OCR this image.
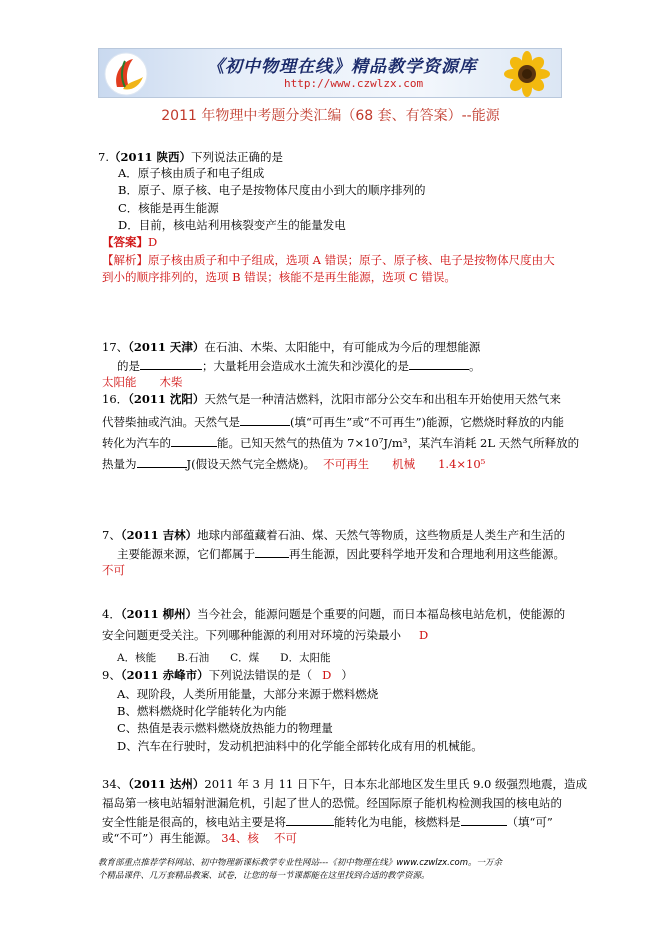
《初中物理在线》精品教学资源库
http://www.czwlzx.com
2011 年物理中考题分类汇编（68 套、有答案）--能源
7.（2011 陕西）下列说法正确的是
A．原子核由质子和电子组成
B．原子、原子核、电子是按物体尺度由小到大的顺序排列的
C．核能是再生能源
D．目前，核电站利用核裂变产生的能量发电
【答案】D
【解析】原子核由质子和中子组成，选项 A 错误；原子、原子核、电子是按物体尺度由大
到小的顺序排列的，选项 B 错误；核能不是再生能源，选项 C 错误。
17、（2011 天津）在石油、木柴、太阳能中，有可能成为今后的理想能源
的是	；大量耗用会造成水土流失和沙漠化的是	。
太阳能　　木柴
16．（2011 沈阳）天然气是一种清洁燃料，沈阳市部分公交车和出租车开始使用天然气来
代替柴抽或汽油。天然气是	(填“可再生”或“不可再生”)能源，它燃烧时释放的内能
转化为汽车的	能。已知天然气的热值为 7×10⁷J/m³，某汽车消耗 2L 天然气所释放的
热量为	J(假设天然气完全燃烧)。 不可再生　　机械　　1.4×10⁵
7、（2011 吉林）地球内部蕴藏着石油、煤、天然气等物质，这些物质是人类生产和生活的
主要能源来源，它们都属于	再生能源，因此要科学地开发和合理地利用这些能源。
不可
4．（2011 柳州）当今社会，能源问题是个重要的问题，而日本福岛核电站危机，使能源的
安全问题更受关注。下列哪种能源的利用对环境的污染最小 D
A．核能　　B.石油　　C．煤　　D．太阳能
9、（2011 赤峰市）下列说法错误的是（ D ）
A、现阶段，人类所用能量，大部分来源于燃料燃烧
B、燃料燃烧时化学能转化为内能
C、热值是表示燃料燃烧放热能力的物理量
D、汽车在行驶时，发动机把油料中的化学能全部转化成有用的机械能。
34、（2011 达州）2011 年 3 月 11 日下午，日本东北部地区发生里氏 9.0 级强烈地震，造成
福岛第一核电站辐射泄漏危机，引起了世人的恐慌。经国际原子能机构检测我国的核电站的
安全性能是很高的，核电站主要是将	能转化为电能，核燃料是	（填“可”
或“不可”）再生能源。 34、核　 不可
教育部重点推荐学科网站、初中物理新课标教学专业性网站---《初中物理在线》www.czwlzx.com。一万余
个精品课件、几万套精品教案、试卷，让您的每一节课都能在这里找到合适的教学资源。
